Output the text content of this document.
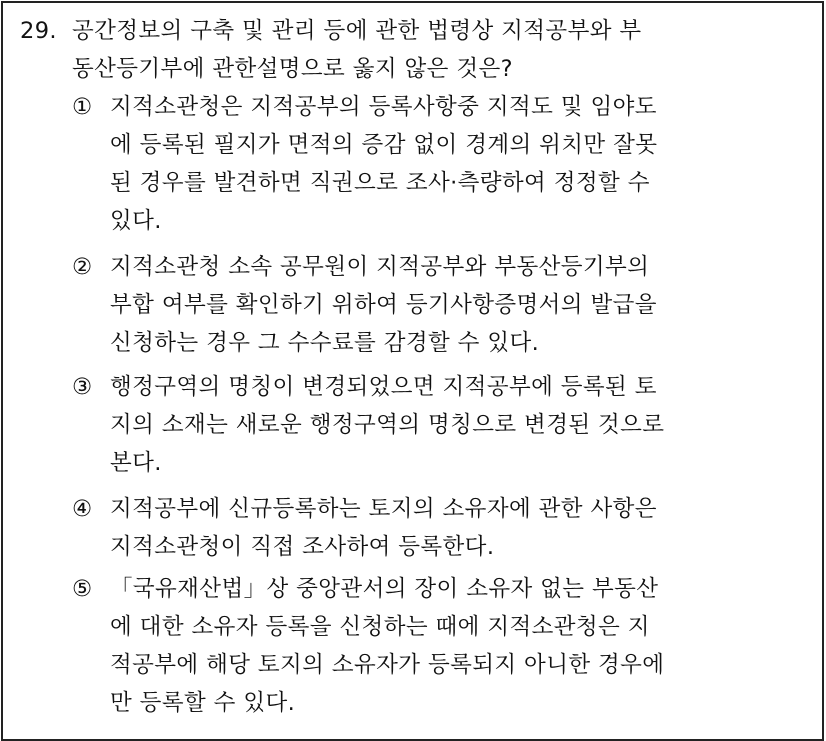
29. 공간정보의 구축 및 관리 등에 관한 법령상 지적공부와 부
동산등기부에 관한설명으로 옳지 않은 것은?
① 지적소관청은 지적공부의 등록사항중 지적도 및 임야도
에 등록된 필지가 면적의 증감 없이 경계의 위치만 잘못
된 경우를 발견하면 직권으로 조사·측량하여 정정할 수
있다.
② 지적소관청 소속 공무원이 지적공부와 부동산등기부의
부합 여부를 확인하기 위하여 등기사항증명서의 발급을
신청하는 경우 그 수수료를 감경할 수 있다.
③ 행정구역의 명칭이 변경되었으면 지적공부에 등록된 토
지의 소재는 새로운 행정구역의 명칭으로 변경된 것으로
본다.
④ 지적공부에 신규등록하는 토지의 소유자에 관한 사항은
지적소관청이 직접 조사하여 등록한다.
⑤ 「국유재산법」상 중앙관서의 장이 소유자 없는 부동산
에 대한 소유자 등록을 신청하는 때에 지적소관청은 지
적공부에 해당 토지의 소유자가 등록되지 아니한 경우에
만 등록할 수 있다.
